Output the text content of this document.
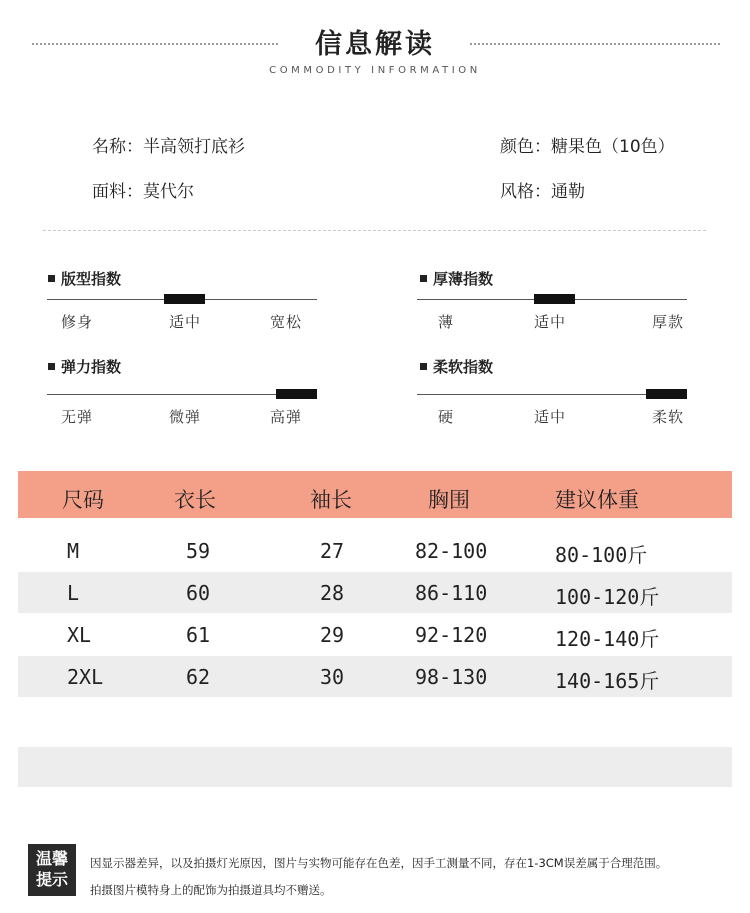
信息解读
COMMODITY INFORMATION
名称 ： 半高领打底衫	颜色 ： 糖果色（10色）
面料 ： 莫代尔	风格 ： 通勒
版型指数
修身	适中	宽松
厚薄指数
薄	适中	厚款
弹力指数
无弹	微弹	高弹
柔软指数
硬	适中	柔软
尺码	衣长	袖长	胸围	建议体重
M	59	27	82-100	80-100斤
L	60	28	86-110	100-120斤
XL	61	29	92-120	120-140斤
2XL	62	30	98-130	140-165斤
温馨
提示
因显示器差异，以及拍摄灯光原因，图片与实物可能存在色差，因手工测量不同，存在1-3CM误差属于合理范围。
拍摄图片模特身上的配饰为拍摄道具均不赠送。
